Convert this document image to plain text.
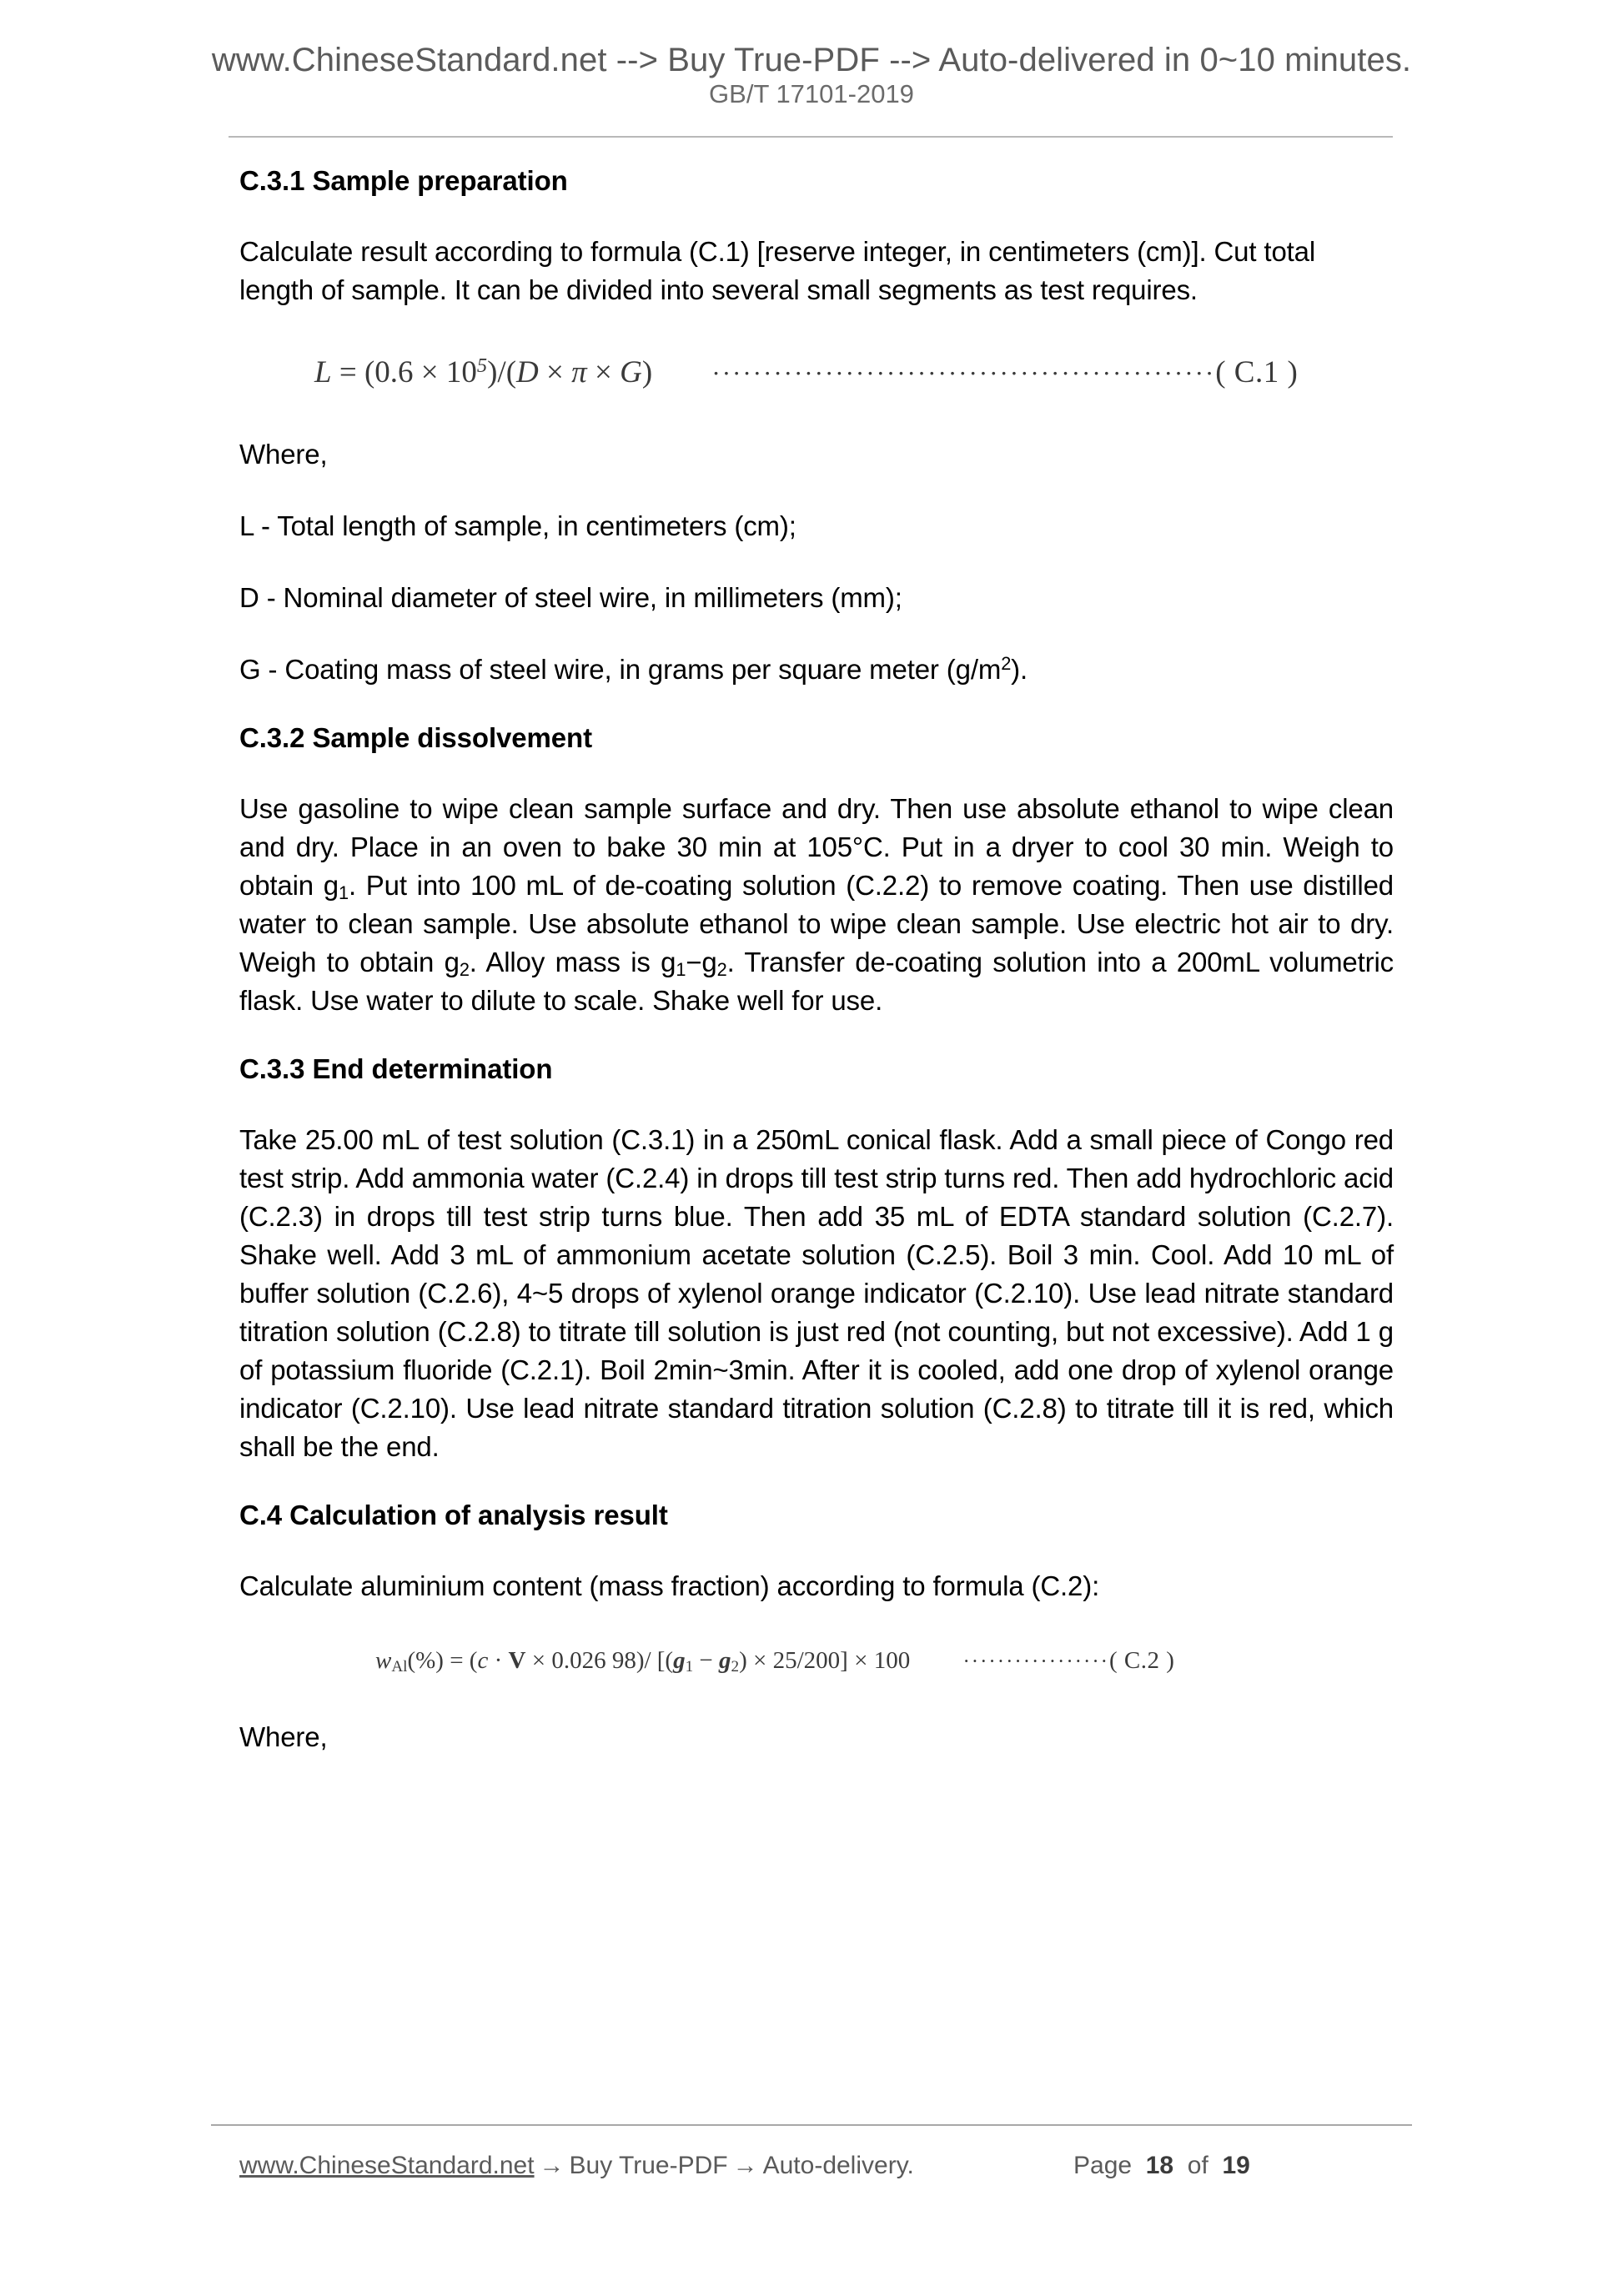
www.ChineseStandard.net --> Buy True-PDF --> Auto-delivered in 0~10 minutes.
GB/T 17101-2019
C.3.1 Sample preparation

Calculate result according to formula (C.1) [reserve integer, in centimeters (cm)]. Cut total length of sample. It can be divided into several small segments as test requires.

$L = (0.6 \times 10^5)/(D \times \pi \times G)$ ·················································( C.1 )

Where,

L - Total length of sample, in centimeters (cm);

D - Nominal diameter of steel wire, in millimeters (mm);

G - Coating mass of steel wire, in grams per square meter $(g/m^2)$.

C.3.2 Sample dissolvement

Use gasoline to wipe clean sample surface and dry. Then use absolute ethanol to wipe clean and dry. Place in an oven to bake 30 min at 105°C. Put in a dryer to cool 30 min. Weigh to obtain $g_1$. Put into 100 mL of de-coating solution (C.2.2) to remove coating. Then use distilled water to clean sample. Use absolute ethanol to wipe clean sample. Use electric hot air to dry. Weigh to obtain $g_2$. Alloy mass is $g_1-g_2$. Transfer de-coating solution into a 200mL volumetric flask. Use water to dilute to scale. Shake well for use.

C.3.3 End determination

Take 25.00 mL of test solution (C.3.1) in a 250mL conical flask. Add a small piece of Congo red test strip. Add ammonia water (C.2.4) in drops till test strip turns red. Then add hydrochloric acid (C.2.3) in drops till test strip turns blue. Then add 35 mL of EDTA standard solution (C.2.7). Shake well. Add 3 mL of ammonium acetate solution (C.2.5). Boil 3 min. Cool. Add 10 mL of buffer solution (C.2.6), 4~5 drops of xylenol orange indicator (C.2.10). Use lead nitrate standard titration solution (C.2.8) to titrate till solution is just red (not counting, but not excessive). Add 1 g of potassium fluoride (C.2.1). Boil 2min~3min. After it is cooled, add one drop of xylenol orange indicator (C.2.10). Use lead nitrate standard titration solution (C.2.8) to titrate till it is red, which shall be the end.

C.4 Calculation of analysis result

Calculate aluminium content (mass fraction) according to formula (C.2):

$w_{Al}(\%) = (c \cdot V \times 0.026$ 98)/ $[(g_1 - g_2) \times 25/200] \times 100$	·················( C.2 )

Where,

www.ChineseStandard.net → Buy True-PDF → Auto-delivery.	Page 18 of 19
